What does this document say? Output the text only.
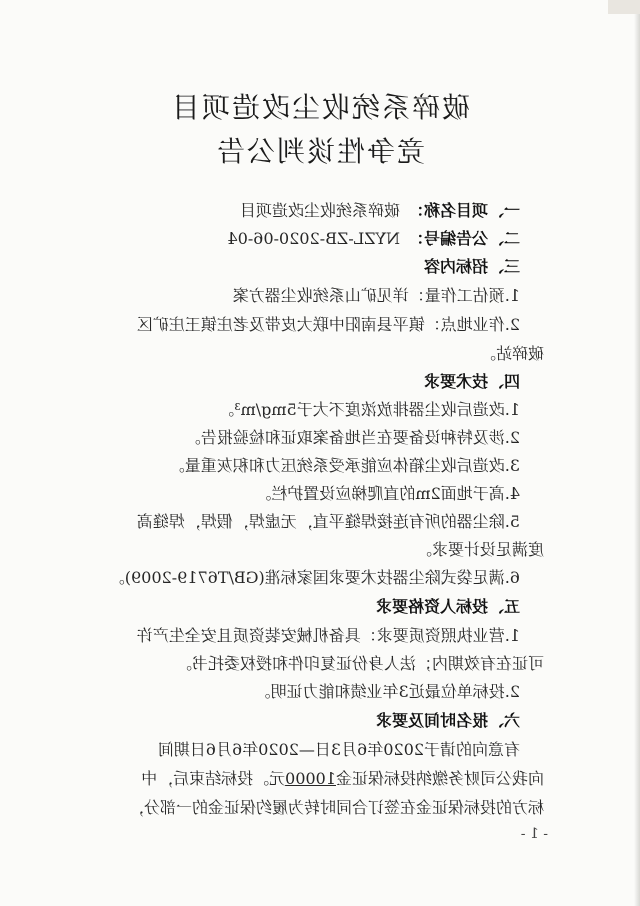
破碎系统收尘改造项目
竞争性谈判公告
一、项目名称：
破碎系统收尘改造项目
二、公告编号：
NYZL-ZB-2020-06-04
三、招标内容
1.预估工作量：详见矿山系统收尘器方案
2.作业地点：镇平县南阳中联大皮带及老庄镇王庄矿区
破碎站。
四、技术要求
1.改造后收尘器排放浓度不大于5mg/m³。
2.涉及特种设备要在当地备案取证和检验报告。
3.改造后收尘箱体应能承受系统压力和积灰重量。
4.高于地面2m的直爬梯应设置护栏。
5.除尘器的所有连接焊缝平直，无虚焊，假焊，焊缝高
度满足设计要求。
6.满足袋式除尘器技术要求国家标准(GB/T6719-2009)。
五、投标人资格要求
1.营业执照资质要求：具备机械安装资质且安全生产许
可证在有效期内；法人身份证复印件和授权委托书。
2.投标单位最近3年业绩和能力证明。
六、报名时间及要求
有意向的请于2020年6月3日—2020年6月6日期间
向我公司财务缴纳投标保证金10000元。投标结束后，中
标方的投标保证金在签订合同时转为履约保证金的一部分，
- 1 -
